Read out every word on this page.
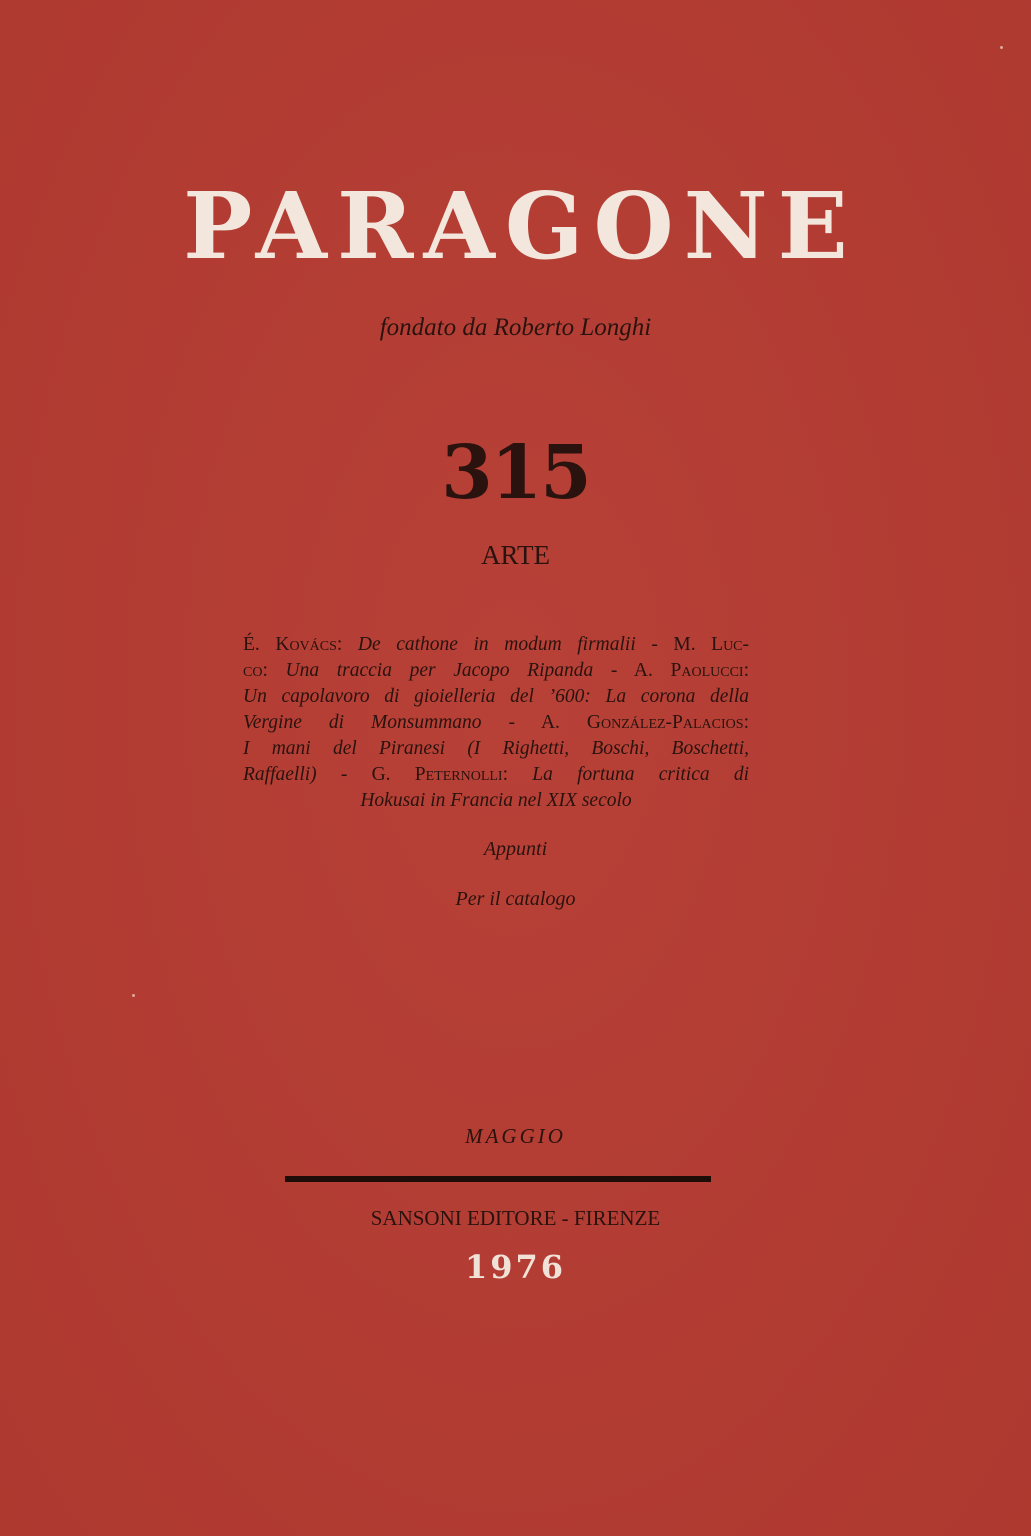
PARAGONE
fondato da Roberto Longhi
315
ARTE
É. Kovács: De cathone in modum firmalii - M. Luc-
co: Una traccia per Jacopo Ripanda - A. Paolucci:
Un capolavoro di gioielleria del ’600: La corona della
Vergine di Monsummano - A. González-Palacios:
I mani del Piranesi (I Righetti, Boschi, Boschetti,
Raffaelli) - G. Peternolli: La fortuna critica di
Hokusai in Francia nel XIX secolo
Appunti
Per il catalogo
MAGGIO
SANSONI EDITORE - FIRENZE
1976
